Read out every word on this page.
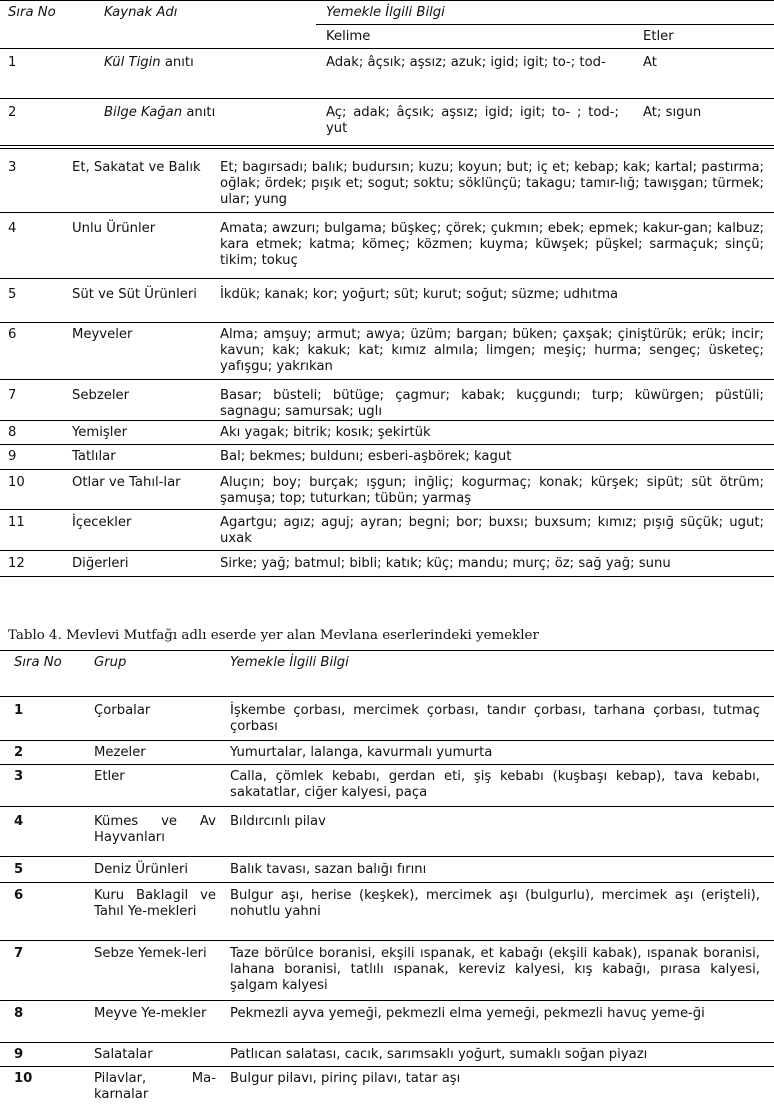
Sıra No	Kaynak Adı	Yemekle İlgili Bilgi	
		Kelime	Etler
1	Kül Tigin anıtı	Adak; âçsık; aşsız; azuk; igid; igit; to-; tod-	At
2	Bilge Kağan anıtı	Aç; adak; âçsık; aşsız; igid; igit; to- ; tod-; yut	At; sıgun
3	Et, Sakatat ve Balık	Et; bagırsadı; balık; budursın; kuzu; koyun; but; iç et; kebap; kak; kartal; pastırma; oğlak; ördek; pışık et; sogut; soktu; söklünçü; takagu; tamır-lığ; tawışgan; türmek; ular; yung
4	Unlu Ürünler	Amata; awzurı; bulgama; büşkeç; çörek; çukmın; ebek; epmek; kakur-gan; kalbuz; kara etmek; katma; kömeç; közmen; kuyma; küwşek; püşkel; sarmaçuk; sinçü; tikim; tokuç
5	Süt ve Süt Ürünleri	İkdük; kanak; kor; yoğurt; süt; kurut; soğut; süzme; udhıtma
6	Meyveler	Alma; amşuy; armut; awya; üzüm; bargan; büken; çaxşak; çiniştürük; erük; incir; kavun; kak; kakuk; kat; kımız almıla; limgen; meşiç; hurma; sengeç; üsketeç; yafışgu; yakrıkan
7	Sebzeler	Basar; büsteli; bütüge; çagmur; kabak; kuçgundı; turp; küwürgen; püstüli; sagnagu; samursak; uglı
8	Yemişler	Akı yagak; bitrik; kosık; şekirtük
9	Tatlılar	Bal; bekmes; buldunı; esberi-aşbörek; kagut
10	Otlar ve Tahıl-lar	Aluçın; boy; burçak; ışgun; inğliç; kogurmaç; konak; kürşek; sipüt; süt ötrüm; şamuşa; top; tuturkan; tübün; yarmaş
11	İçecekler	Agartgu; agız; aguj; ayran; begni; bor; buxsı; buxsum; kımız; pışığ süçük; ugut; uxak
12	Diğerleri	Sirke; yağ; batmul; bibli; katık; küç; mandu; murç; öz; sağ yağ; sunu
Tablo 4. Mevlevi Mutfağı adlı eserde yer alan Mevlana eserlerindeki yemekler
Sıra No	Grup	Yemekle İlgili Bilgi
1	Çorbalar	İşkembe çorbası, mercimek çorbası, tandır çorbası, tarhana çorbası, tutmaç çorbası
2	Mezeler	Yumurtalar, lalanga, kavurmalı yumurta
3	Etler	Calla, çömlek kebabı, gerdan eti, şiş kebabı (kuşbaşı kebap), tava kebabı, sakatatlar, ciğer kalyesi, paça
4	Kümes ve Av Hayvanları	Bıldırcınlı pilav
5	Deniz Ürünleri	Balık tavası, sazan balığı fırını
6	Kuru Baklagil ve Tahıl Ye-mekleri	Bulgur aşı, herise (keşkek), mercimek aşı (bulgurlu), mercimek aşı (erişteli), nohutlu yahni
7	Sebze Yemek-leri	Taze börülce boranisi, ekşili ıspanak, et kabağı (ekşili kabak), ıspanak boranisi, lahana boranisi, tatlılı ıspanak, kereviz kalyesi, kış kabağı, pırasa kalyesi, şalgam kalyesi
8	Meyve Ye-mekler	Pekmezli ayva yemeği, pekmezli elma yemeği, pekmezli havuç yeme-ği
9	Salatalar	Patlıcan salatası, cacık, sarımsaklı yoğurt, sumaklı soğan piyazı
10	Pilavlar, Ma-karnalar	Bulgur pilavı, pirinç pilavı, tatar aşı
